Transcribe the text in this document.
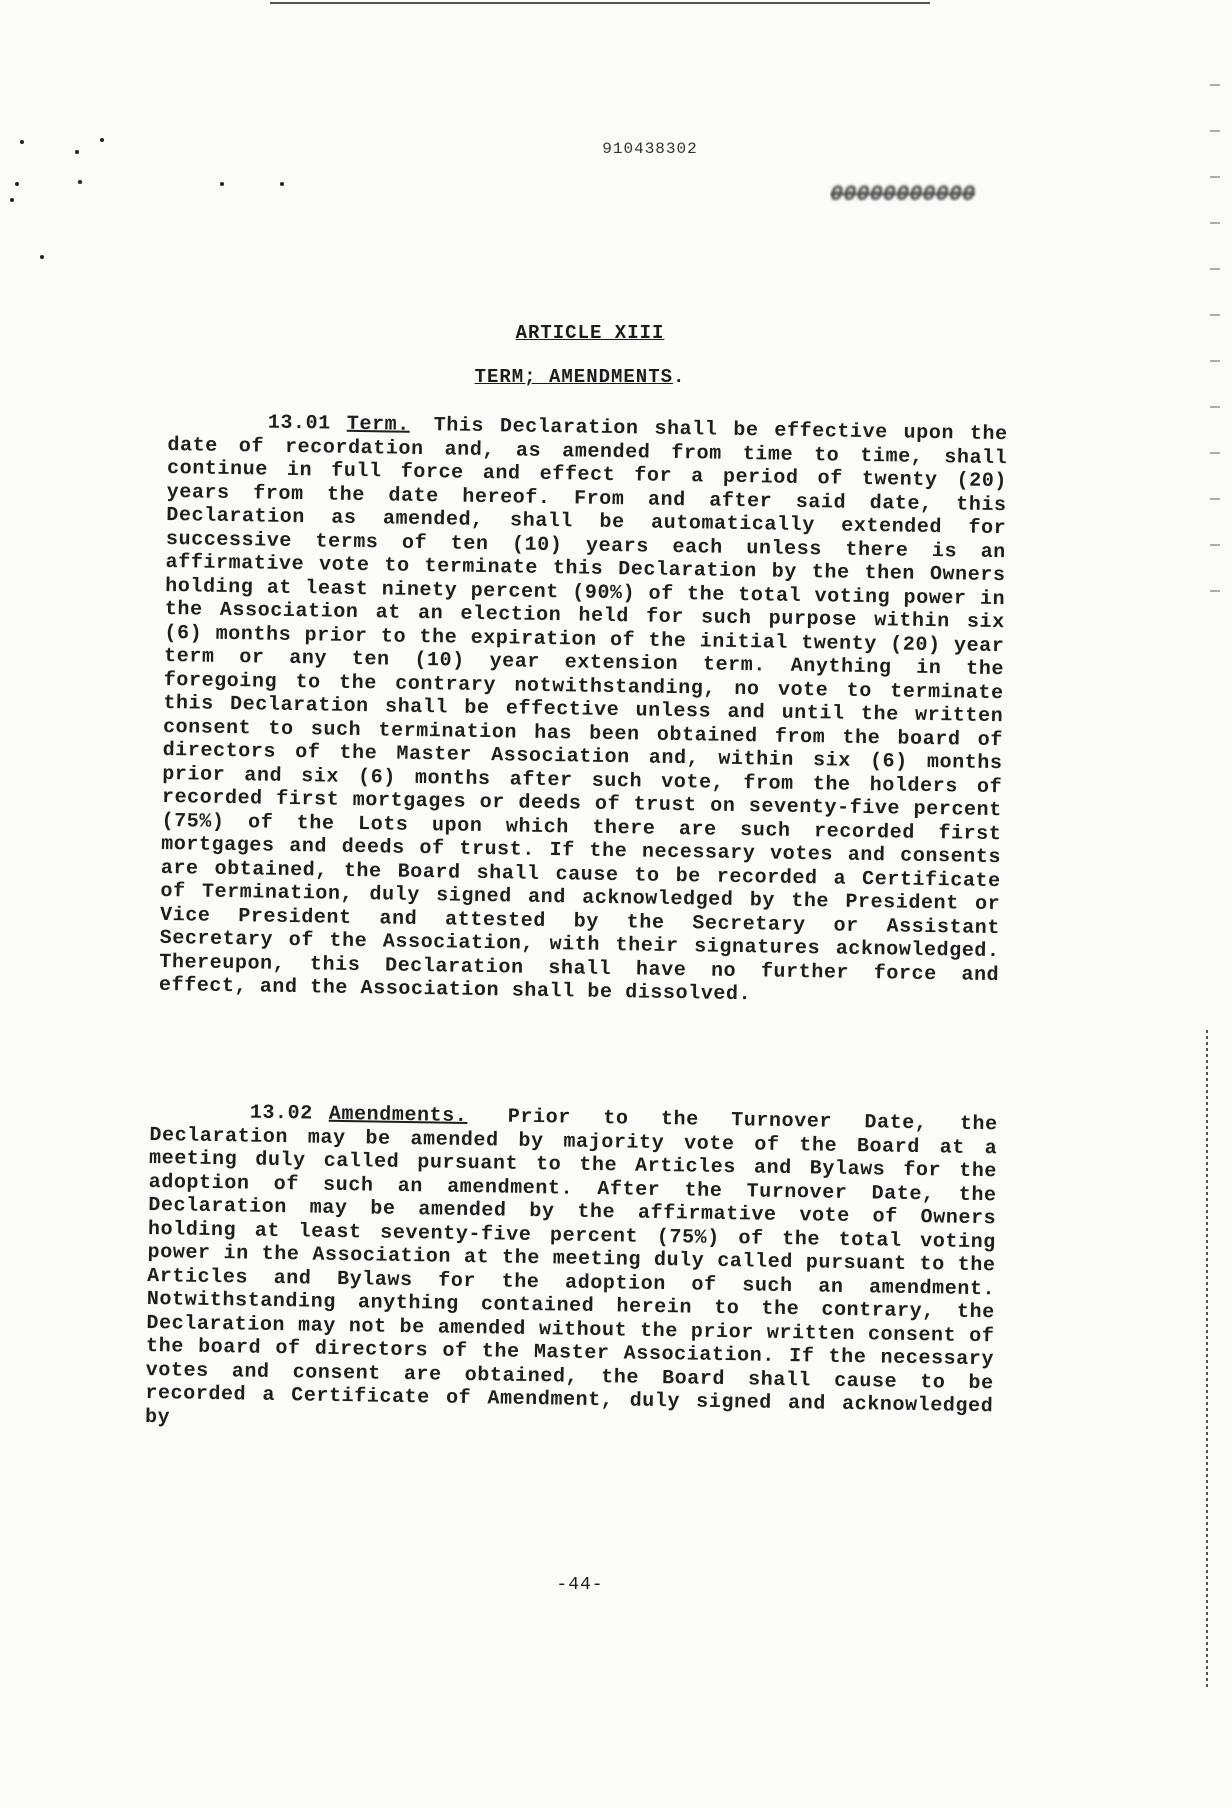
910438302
00000000000
ARTICLE XIII
TERM; AMENDMENTS.
13.01 Term. This Declaration shall be effective upon the date of recordation and, as amended from time to time, shall continue in full force and effect for a period of twenty (20) years from the date hereof. From and after said date, this Declaration as amended, shall be automatically extended for successive terms of ten (10) years each unless there is an affirmative vote to terminate this Declaration by the then Owners holding at least ninety percent (90%) of the total voting power in the Association at an election held for such purpose within six (6) months prior to the expiration of the initial twenty (20) year term or any ten (10) year extension term. Anything in the foregoing to the contrary notwithstanding, no vote to terminate this Declaration shall be effective unless and until the written consent to such termination has been obtained from the board of directors of the Master Association and, within six (6) months prior and six (6) months after such vote, from the holders of recorded first mortgages or deeds of trust on seventy-five percent (75%) of the Lots upon which there are such recorded first mortgages and deeds of trust. If the necessary votes and consents are obtained, the Board shall cause to be recorded a Certificate of Termination, duly signed and acknowledged by the President or Vice President and attested by the Secretary or Assistant Secretary of the Association, with their signatures acknowledged. Thereupon, this Declaration shall have no further force and effect, and the Association shall be dissolved.
13.02 Amendments. Prior to the Turnover Date, the Declaration may be amended by majority vote of the Board at a meeting duly called pursuant to the Articles and Bylaws for the adoption of such an amendment. After the Turnover Date, the Declaration may be amended by the affirmative vote of Owners holding at least seventy-five percent (75%) of the total voting power in the Association at the meeting duly called pursuant to the Articles and Bylaws for the adoption of such an amendment. Notwithstanding anything contained herein to the contrary, the Declaration may not be amended without the prior written consent of the board of directors of the Master Association. If the necessary votes and consent are obtained, the Board shall cause to be recorded a Certificate of Amendment, duly signed and acknowledged by
-44-
